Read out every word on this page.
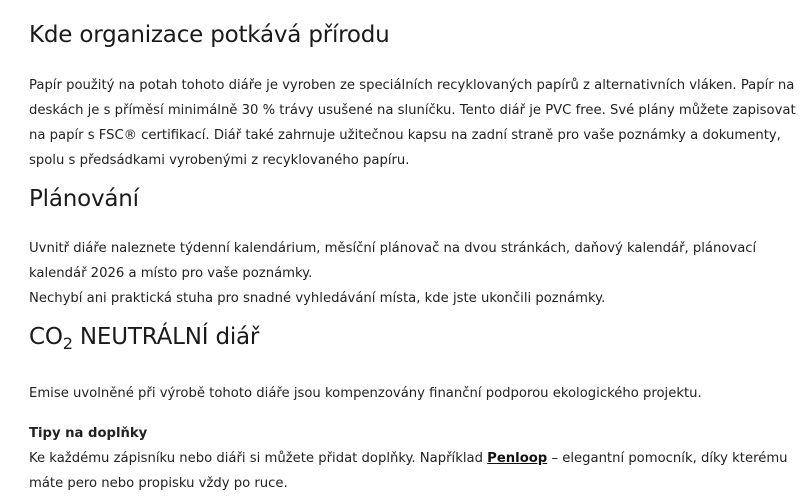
Kde organizace potkává přírodu

Papír použitý na potah tohoto diáře je vyroben ze speciálních recyklovaných papírů z alternativních vláken. Papír na
deskách je s příměsí minimálně 30 % trávy usušené na sluníčku. Tento diář je PVC free. Své plány můžete zapisovat
na papír s FSC® certifikací. Diář také zahrnuje užitečnou kapsu na zadní straně pro vaše poznámky a dokumenty,
spolu s předsádkami vyrobenými z recyklovaného papíru.

Plánování

Uvnitř diáře naleznete týdenní kalendárium, měsíční plánovač na dvou stránkách, daňový kalendář, plánovací
kalendář 2026 a místo pro vaše poznámky.
Nechybí ani praktická stuha pro snadné vyhledávání místa, kde jste ukončili poznámky.

$CO_2$ NEUTRÁLNÍ diář

Emise uvolněné při výrobě tohoto diáře jsou kompenzovány finanční podporou ekologického projektu.

Tipy na doplňky

Ke každému zápisníku nebo diáři si můžete přidat doplňky. Například Penloop – elegantní pomocník, díky kterému
máte pero nebo propisku vždy po ruce.
